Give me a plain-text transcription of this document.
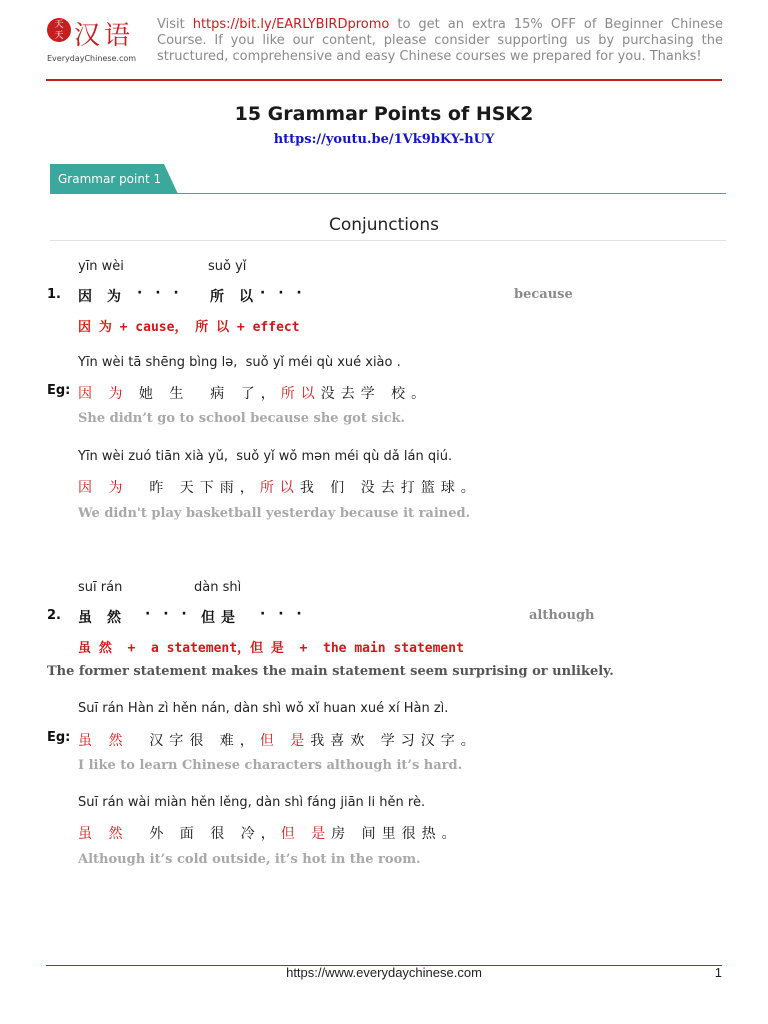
天
天 汉 语
EverydayChinese.com
Visit https://bit.ly/EARLYBIRDpromo to get an extra 15% OFF of Beginner Chinese Course. If you like our content, please consider supporting us by purchasing the structured, comprehensive and easy Chinese courses we prepared for you. Thanks!
15 Grammar Points of HSK2
https://youtu.be/1Vk9bKY-hUY
Grammar point 1
Conjunctions
yīn wèi	suǒ yǐ
1. 因为 · · · 所以
· · ·	because
因 为 + cause， 所 以 + effect
Yīn wèi tā shēng bìng lə,  suǒ yǐ méi qù xué xiào .
Eg: 因 为 她 生  病 了，所以没去学 校。
She didn’t go to school because she got sick.
Yīn wèi zuó tiān xià yǔ,  suǒ yǐ wǒ mən méi qù dǎ lán qiú.
因 为  昨 天下雨，所以我 们 没去打篮球。
We didn't play basketball yesterday because it rained.
suī rán	dàn shì
2. 虽然 · · · 但是 · · ·	although
虽 然  +  a statement，但 是  +  the main statement
The former statement makes the main statement seem surprising or unlikely.
Suī rán Hàn zì hěn nán, dàn shì wǒ xǐ huan xué xí Hàn zì.
Eg: 虽 然  汉字很 难，但 是我喜欢 学习汉字。
I like to learn Chinese characters although it’s hard.
Suī rán wài miàn hěn lěng, dàn shì fáng jiān li hěn rè.
虽 然  外 面 很 冷，但 是房 间里很热。
Although it’s cold outside, it’s hot in the room.
https://www.everydaychinese.com	1
